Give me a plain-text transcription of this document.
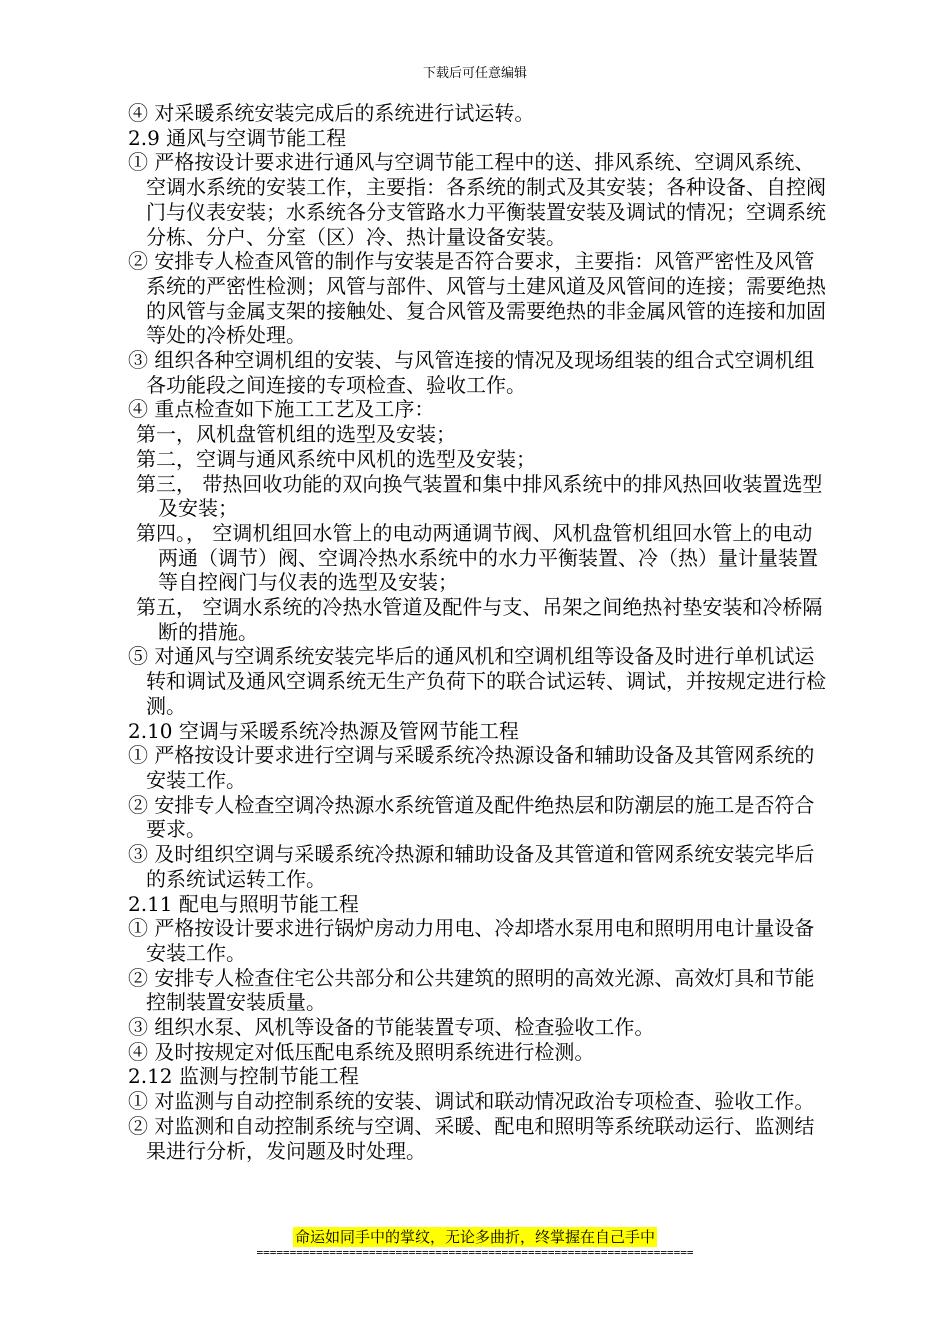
下载后可任意编辑

④ 对采暖系统安装完成后的系统进行试运转。

2.9 通风与空调节能工程

① 严格按设计要求进行通风与空调节能工程中的送、排风系统、空调风系统、空调水系统的安装工作，主要指：各系统的制式及其安装；各种设备、自控阀门与仪表安装；水系统各分支管路水力平衡装置安装及调试的情况；空调系统分栋、分户、分室（区）冷、热计量设备安装。

② 安排专人检查风管的制作与安装是否符合要求，主要指：风管严密性及风管系统的严密性检测；风管与部件、风管与土建风道及风管间的连接；需要绝热的风管与金属支架的接触处、复合风管及需要绝热的非金属风管的连接和加固等处的冷桥处理。

③ 组织各种空调机组的安装、与风管连接的情况及现场组装的组合式空调机组各功能段之间连接的专项检查、验收工作。

④ 重点检查如下施工工艺及工序：

第一，风机盘管机组的选型及安装；

第二，空调与通风系统中风机的选型及安装；

第三， 带热回收功能的双向换气装置和集中排风系统中的排风热回收装置选型及安装；

第四。， 空调机组回水管上的电动两通调节阀、风机盘管机组回水管上的电动两通（调节）阀、空调冷热水系统中的水力平衡装置、冷（热）量计量装置等自控阀门与仪表的选型及安装；

第五， 空调水系统的冷热水管道及配件与支、吊架之间绝热衬垫安装和冷桥隔断的措施。

⑤ 对通风与空调系统安装完毕后的通风机和空调机组等设备及时进行单机试运转和调试及通风空调系统无生产负荷下的联合试运转、调试，并按规定进行检测。

2.10 空调与采暖系统冷热源及管网节能工程

① 严格按设计要求进行空调与采暖系统冷热源设备和辅助设备及其管网系统的安装工作。

② 安排专人检查空调冷热源水系统管道及配件绝热层和防潮层的施工是否符合要求。

③ 及时组织空调与采暖系统冷热源和辅助设备及其管道和管网系统安装完毕后的系统试运转工作。

2.11 配电与照明节能工程

① 严格按设计要求进行锅炉房动力用电、冷却塔水泵用电和照明用电计量设备安装工作。

② 安排专人检查住宅公共部分和公共建筑的照明的高效光源、高效灯具和节能控制装置安装质量。

③ 组织水泵、风机等设备的节能装置专项、检查验收工作。

④ 及时按规定对低压配电系统及照明系统进行检测。

2.12 监测与控制节能工程

① 对监测与自动控制系统的安装、调试和联动情况政治专项检查、验收工作。

② 对监测和自动控制系统与空调、采暖、配电和照明等系统联动运行、监测结果进行分析，发问题及时处理。

命运如同手中的掌纹，无论多曲折，终掌握在自己手中
==================================================================
